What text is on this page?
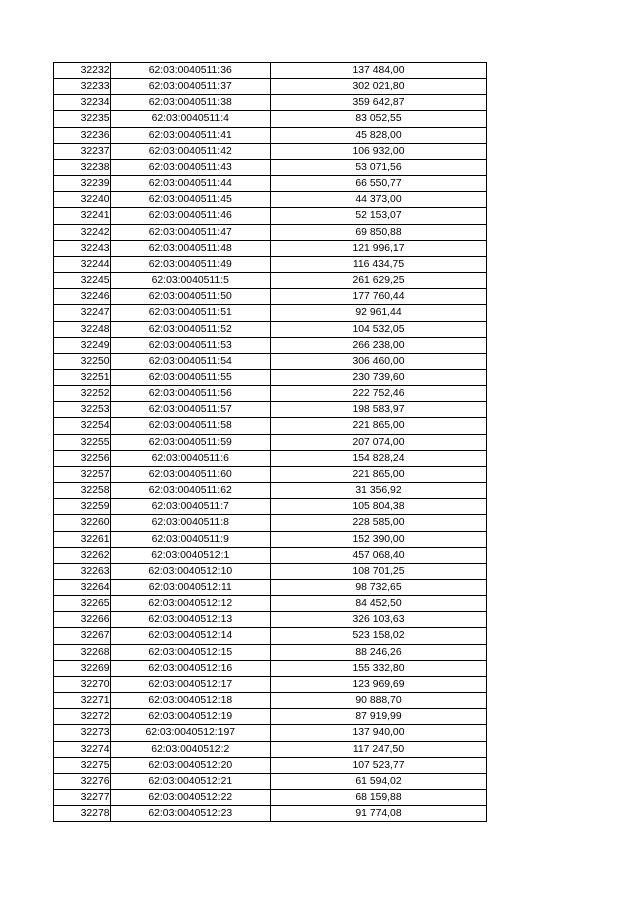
32232	62:03:0040511:36	137 484,00
32233	62:03:0040511:37	302 021,80
32234	62:03:0040511:38	359 642,87
32235	62:03:0040511:4	83 052,55
32236	62:03:0040511:41	45 828,00
32237	62:03:0040511:42	106 932,00
32238	62:03:0040511:43	53 071,56
32239	62:03:0040511:44	66 550,77
32240	62:03:0040511:45	44 373,00
32241	62:03:0040511:46	52 153,07
32242	62:03:0040511:47	69 850,88
32243	62:03:0040511:48	121 996,17
32244	62:03:0040511:49	116 434,75
32245	62:03:0040511:5	261 629,25
32246	62:03:0040511:50	177 760,44
32247	62:03:0040511:51	92 961,44
32248	62:03:0040511:52	104 532,05
32249	62:03:0040511:53	266 238,00
32250	62:03:0040511:54	306 460,00
32251	62:03:0040511:55	230 739,60
32252	62:03:0040511:56	222 752,46
32253	62:03:0040511:57	198 583,97
32254	62:03:0040511:58	221 865,00
32255	62:03:0040511:59	207 074,00
32256	62:03:0040511:6	154 828,24
32257	62:03:0040511:60	221 865,00
32258	62:03:0040511:62	31 356,92
32259	62:03:0040511:7	105 804,38
32260	62:03:0040511:8	228 585,00
32261	62:03:0040511:9	152 390,00
32262	62:03:0040512:1	457 068,40
32263	62:03:0040512:10	108 701,25
32264	62:03:0040512:11	98 732,65
32265	62:03:0040512:12	84 452,50
32266	62:03:0040512:13	326 103,63
32267	62:03:0040512:14	523 158,02
32268	62:03:0040512:15	88 246,26
32269	62:03:0040512:16	155 332,80
32270	62:03:0040512:17	123 969,69
32271	62:03:0040512:18	90 888,70
32272	62:03:0040512:19	87 919,99
32273	62:03:0040512:197	137 940,00
32274	62:03:0040512:2	117 247,50
32275	62:03:0040512:20	107 523,77
32276	62:03:0040512:21	61 594,02
32277	62:03:0040512:22	68 159,88
32278	62:03:0040512:23	91 774,08
